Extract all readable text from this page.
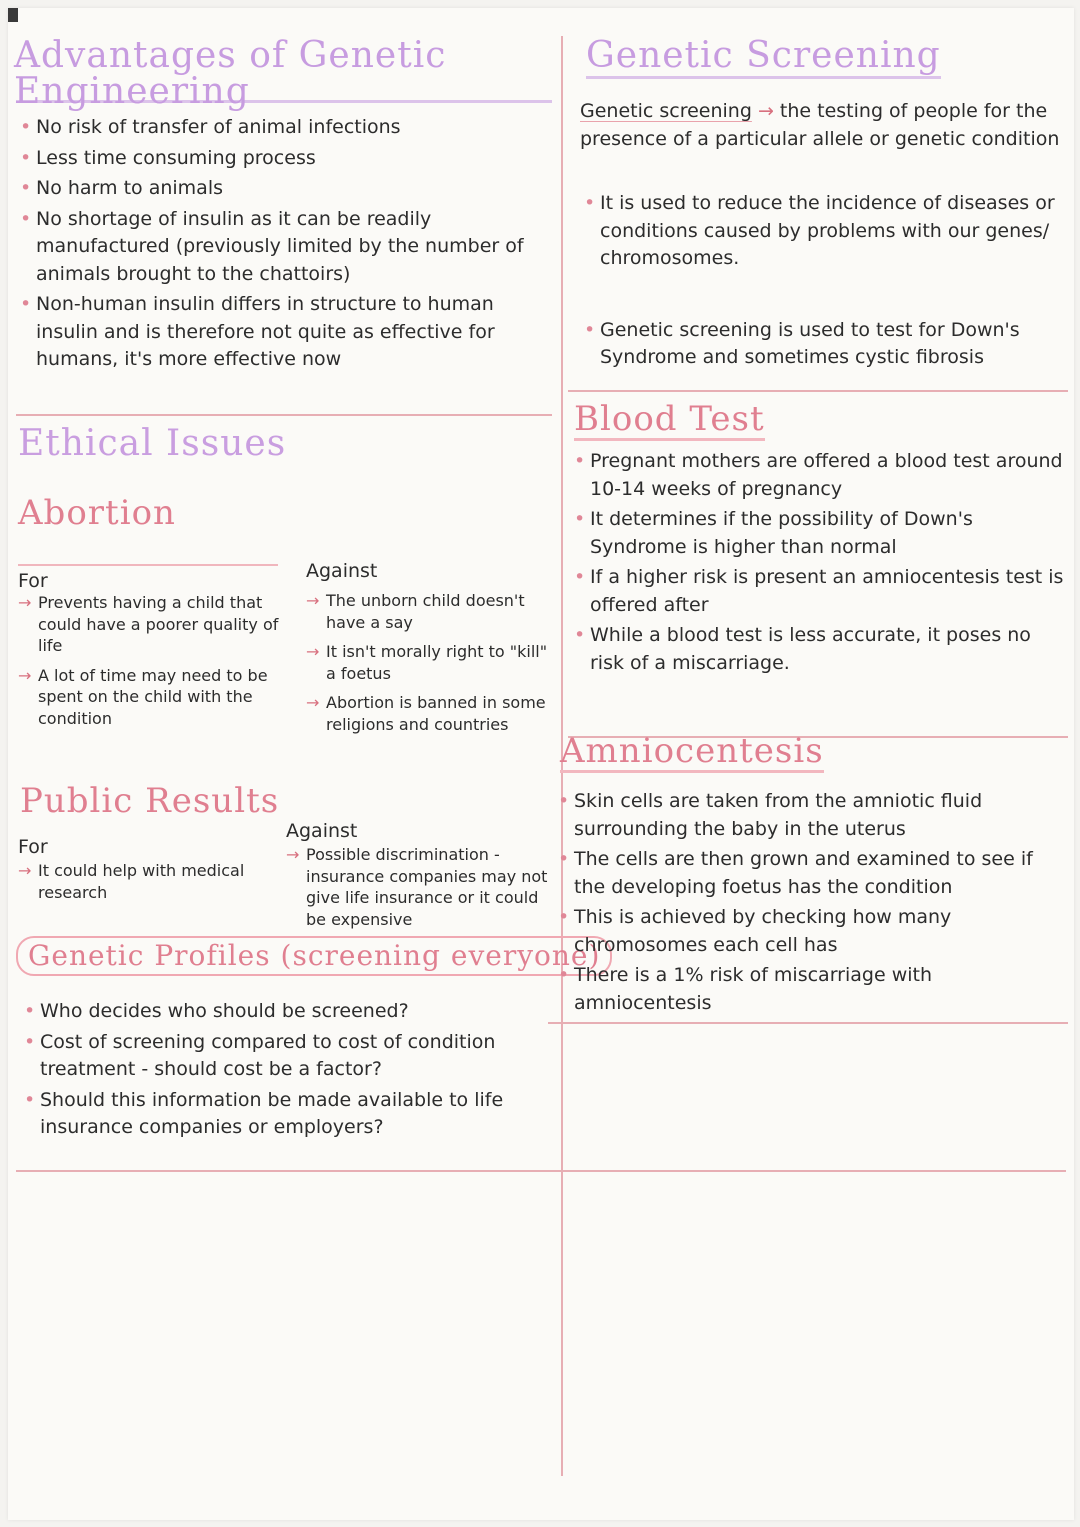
Advantages of Genetic Engineering
• No risk of transfer of animal infections
• Less time consuming process
• No harm to animals
• No shortage of insulin as it can be readily manufactured (previously limited by the number of animals brought to the chattoirs)
• Non-human insulin differs in structure to human insulin and is therefore not quite as effective for humans, it's more effective now
Ethical Issues
Abortion
For
→ Prevents having a child that could have a poorer quality of life
→ A lot of time may need to be spent on the child with the condition
Against
→ The unborn child doesn't have a say
→ It isn't morally right to "kill" a foetus
→ Abortion is banned in some religions and countries
Public Results
For
→ It could help with medical research
Against
→ Possible discrimination - insurance companies may not give life insurance or it could be expensive
Genetic Profiles (screening everyone)
• Who decides who should be screened?
• Cost of screening compared to cost of condition treatment - should cost be a factor?
• Should this information be made available to life insurance companies or employers?
Genetic Screening
Genetic screening → the testing of people for the presence of a particular allele or genetic condition
• It is used to reduce the incidence of diseases or conditions caused by problems with our genes/ chromosomes.
• Genetic screening is used to test for Down's Syndrome and sometimes cystic fibrosis
Blood Test
• Pregnant mothers are offered a blood test around 10-14 weeks of pregnancy
• It determines if the possibility of Down's Syndrome is higher than normal
• If a higher risk is present an amniocentesis test is offered after
• While a blood test is less accurate, it poses no risk of a miscarriage.
Amniocentesis
• Skin cells are taken from the amniotic fluid surrounding the baby in the uterus
• The cells are then grown and examined to see if the developing foetus has the condition
• This is achieved by checking how many chromosomes each cell has
• There is a 1% risk of miscarriage with amniocentesis
